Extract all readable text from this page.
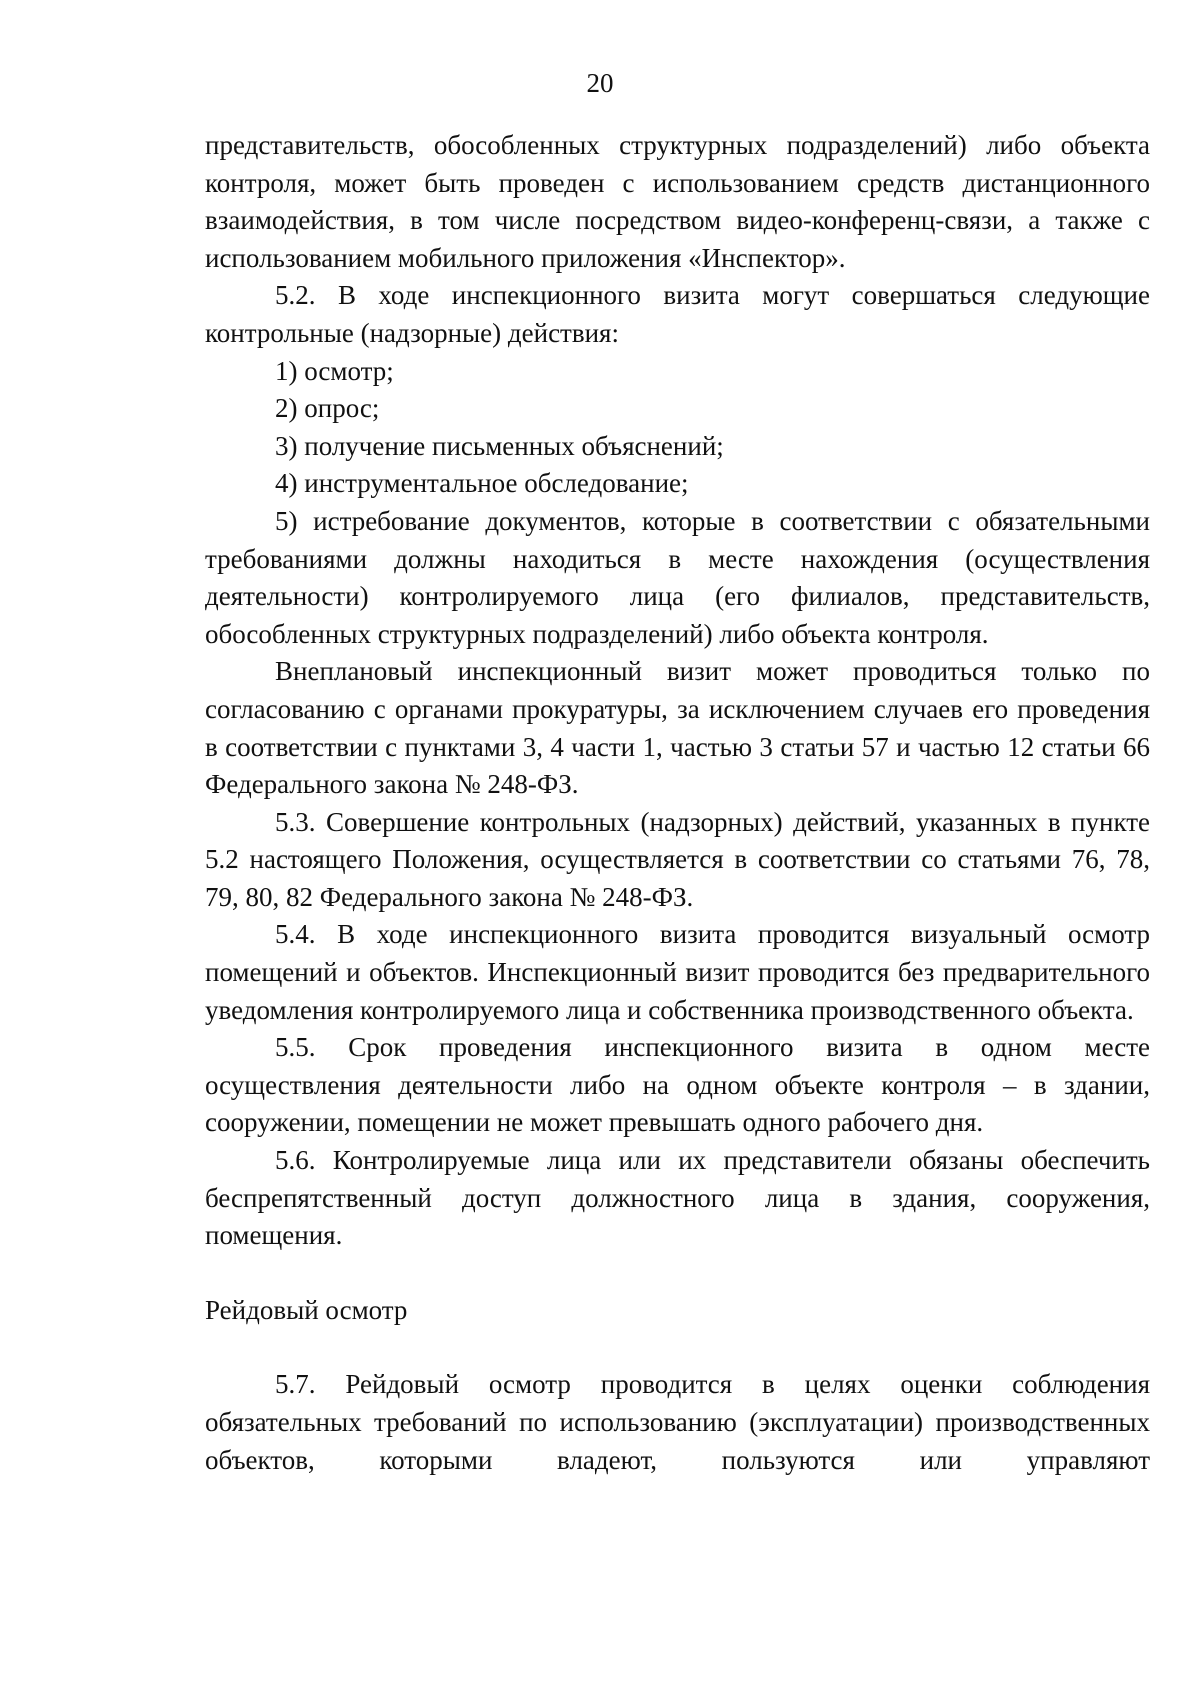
20

представительств, обособленных структурных подразделений) либо объекта контроля, может быть проведен с использованием средств дистанционного взаимодействия, в том числе посредством видео-конференц-связи, а также с использованием мобильного приложения «Инспектор».

5.2. В ходе инспекционного визита могут совершаться следующие контрольные (надзорные) действия:

1) осмотр;

2) опрос;

3) получение письменных объяснений;

4) инструментальное обследование;

5) истребование документов, которые в соответствии с обязательными требованиями должны находиться в месте нахождения (осуществления деятельности) контролируемого лица (его филиалов, представительств, обособленных структурных подразделений) либо объекта контроля.

Внеплановый инспекционный визит может проводиться только по согласованию с органами прокуратуры, за исключением случаев его проведения в соответствии с пунктами 3, 4 части 1, частью 3 статьи 57 и частью 12 статьи 66 Федерального закона № 248-ФЗ.

5.3. Совершение контрольных (надзорных) действий, указанных в пункте 5.2 настоящего Положения, осуществляется в соответствии со статьями 76, 78, 79, 80, 82 Федерального закона № 248-ФЗ.

5.4. В ходе инспекционного визита проводится визуальный осмотр помещений и объектов. Инспекционный визит проводится без предварительного уведомления контролируемого лица и собственника производственного объекта.

5.5. Срок проведения инспекционного визита в одном месте осуществления деятельности либо на одном объекте контроля – в здании, сооружении, помещении не может превышать одного рабочего дня.

5.6. Контролируемые лица или их представители обязаны обеспечить беспрепятственный доступ должностного лица в здания, сооружения, помещения.

Рейдовый осмотр

5.7. Рейдовый осмотр проводится в целях оценки соблюдения обязательных требований по использованию (эксплуатации) производственных объектов, которыми владеют, пользуются или управляют
